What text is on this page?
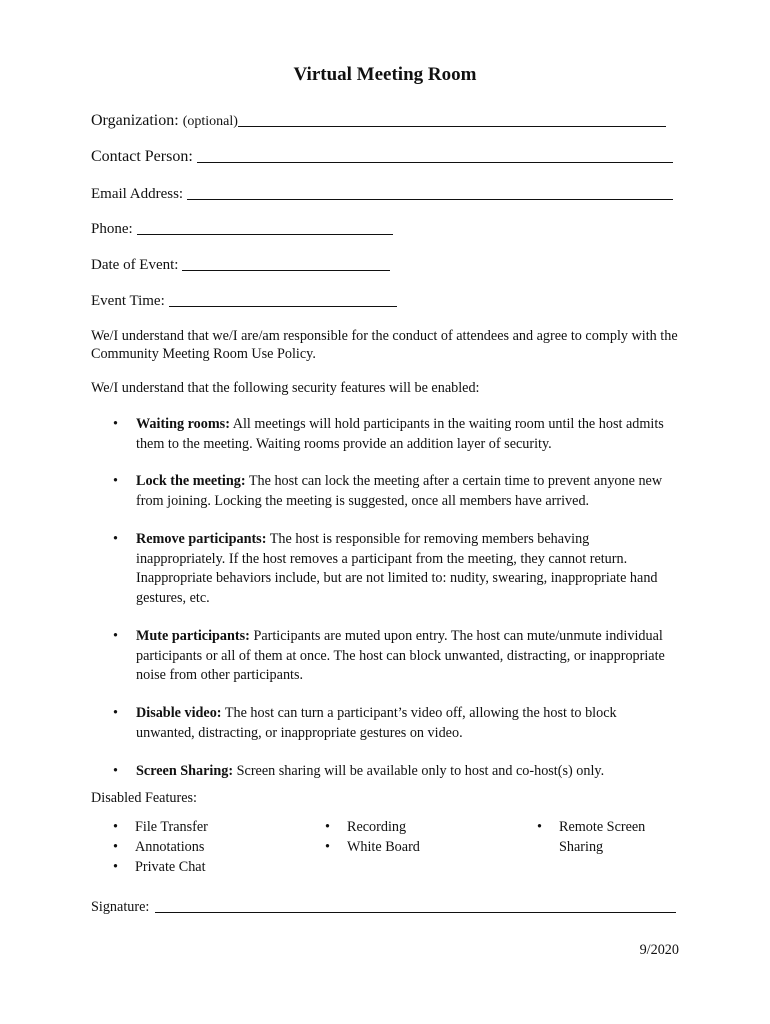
Virtual Meeting Room
Organization: (optional)
Contact Person:
Email Address:
Phone:
Date of Event:
Event Time:
We/I understand that we/I are/am responsible for the conduct of attendees and agree to comply with the Community Meeting Room Use Policy.
We/I understand that the following security features will be enabled:
• Waiting rooms: All meetings will hold participants in the waiting room until the host admits them to the meeting. Waiting rooms provide an addition layer of security.
• Lock the meeting: The host can lock the meeting after a certain time to prevent anyone new from joining. Locking the meeting is suggested, once all members have arrived.
• Remove participants: The host is responsible for removing members behaving inappropriately. If the host removes a participant from the meeting, they cannot return. Inappropriate behaviors include, but are not limited to: nudity, swearing, inappropriate hand gestures, etc.
• Mute participants: Participants are muted upon entry. The host can mute/unmute individual participants or all of them at once. The host can block unwanted, distracting, or inappropriate noise from other participants.
• Disable video: The host can turn a participant’s video off, allowing the host to block unwanted, distracting, or inappropriate gestures on video.
• Screen Sharing: Screen sharing will be available only to host and co-host(s) only.
Disabled Features:
• File Transfer
• Annotations
• Private Chat
• Recording
• White Board
• Remote Screen Sharing
Signature:
9/2020
